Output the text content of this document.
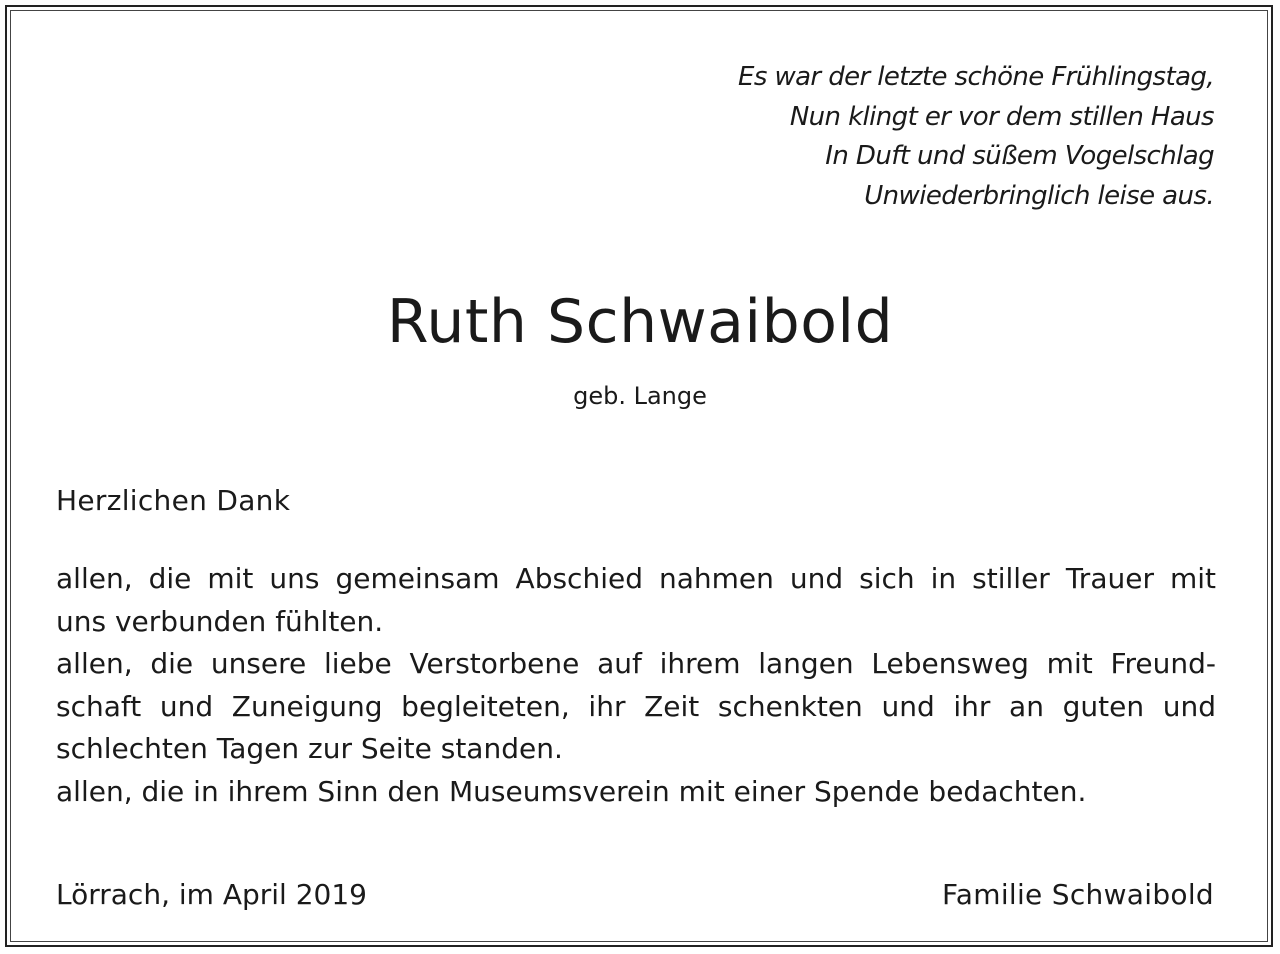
Es war der letzte schöne Frühlingstag,
Nun klingt er vor dem stillen Haus
In Duft und süßem Vogelschlag
Unwiederbringlich leise aus.
Ruth Schwaibold
geb. Lange
Herzlichen Dank
allen, die mit uns gemeinsam Abschied nahmen und sich in stiller Trauer mit
uns verbunden fühlten.
allen, die unsere liebe Verstorbene auf ihrem langen Lebensweg mit Freund-
schaft und Zuneigung begleiteten, ihr Zeit schenkten und ihr an guten und
schlechten Tagen zur Seite standen.
allen, die in ihrem Sinn den Museumsverein mit einer Spende bedachten.
Lörrach, im April 2019	Familie Schwaibold
